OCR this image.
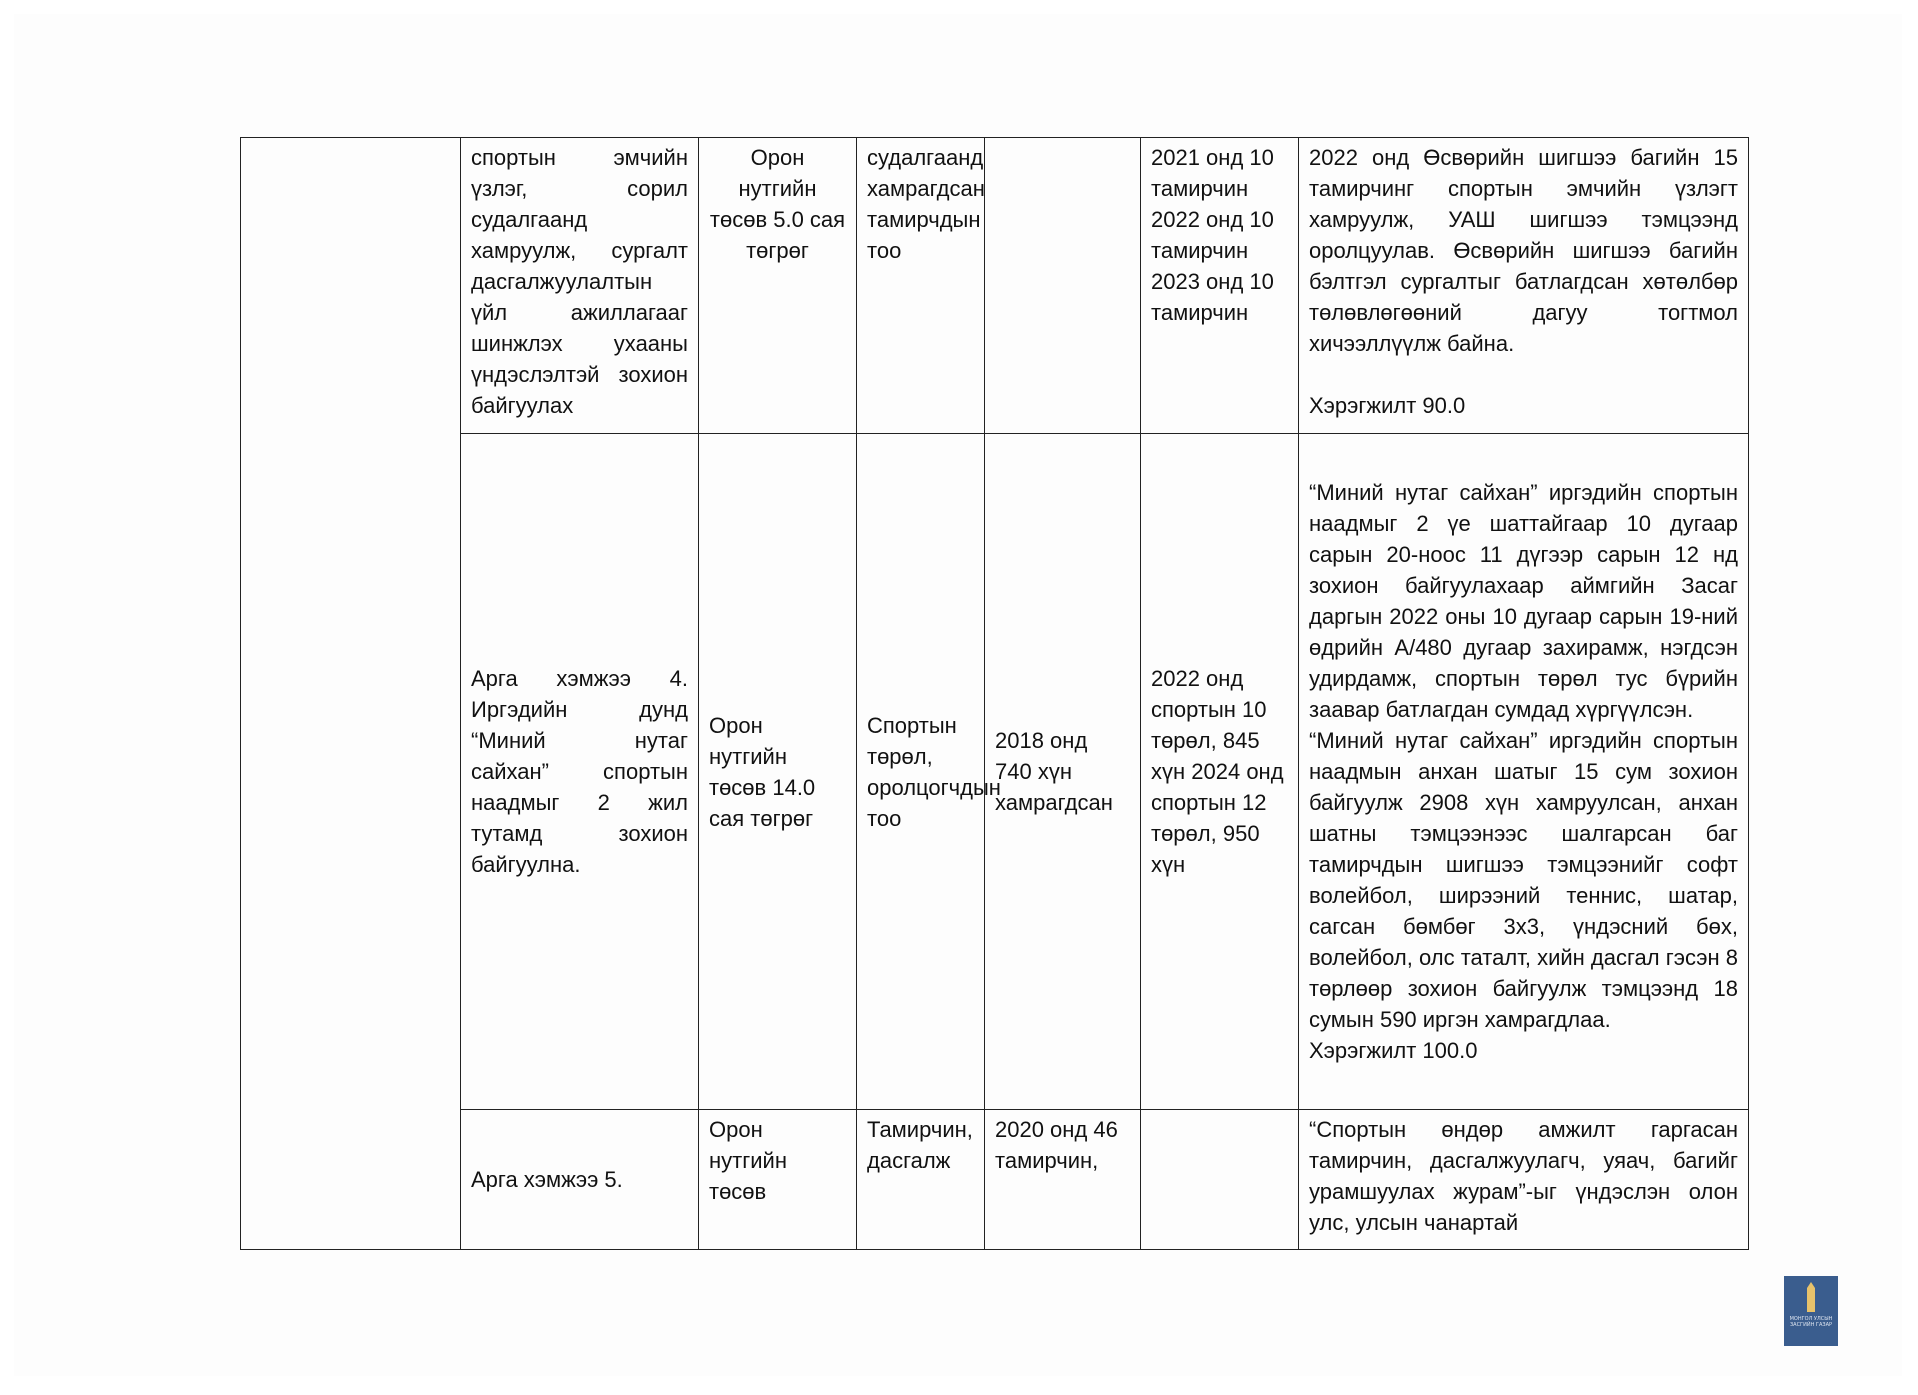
	спортын эмчийн үзлэг, сорил судалгаанд хамруулж, сургалт дасгалжуулалтын үйл ажиллагааг шинжлэх ухааны үндэслэлтэй зохион байгуулах	Орон нутгийн төсөв 5.0 сая төгрөг	судалгаанд хамрагдсан тамирчдын тоо		2021 онд 10 тамирчин 2022 онд 10 тамирчин 2023 онд 10 тамирчин	2022 онд Өсвөрийн шигшээ багийн 15 тамирчинг спортын эмчийн үзлэгт хамруулж, УАШ шигшээ тэмцээнд оролцуулав. Өсвөрийн шигшээ багийн бэлтгэл сургалтыг батлагдсан хөтөлбөр төлөвлөгөөний дагуу тогтмол хичээллүүлж байна.
Хэрэгжилт 90.0

	Арга хэмжээ 4. Иргэдийн дунд “Миний нутаг сайхан” спортын наадмыг 2 жил тутамд зохион байгуулна.	Орон нутгийн төсөв 14.0 сая төгрөг	Спортын төрөл, оролцогчдын тоо	2018 онд 740 хүн хамрагдсан	2022 онд спортын 10 төрөл, 845 хүн 2024 онд спортын 12 төрөл, 950 хүн	“Миний нутаг сайхан” иргэдийн спортын наадмыг 2 үе шаттайгаар 10 дугаар сарын 20-ноос 11 дүгээр сарын 12 нд зохион байгуулахаар аймгийн Засаг даргын 2022 оны 10 дугаар сарын 19-ний өдрийн А/480 дугаар захирамж, нэгдсэн удирдамж, спортын төрөл тус бүрийн заавар батлагдан сумдад хүргүүлсэн.
“Миний нутаг сайхан” иргэдийн спортын наадмын анхан шатыг 15 сум зохион байгуулж 2908 хүн хамруулсан, анхан шатны тэмцээнээс шалгарсан баг тамирчдын шигшээ тэмцээнийг софт волейбол, ширээний теннис, шатар, сагсан бөмбөг 3х3, үндэсний бөх, волейбол, олс таталт, хийн дасгал гэсэн 8 төрлөөр зохион байгуулж тэмцээнд 18 сумын 590 иргэн хамрагдлаа.
Хэрэгжилт 100.0

	Арга хэмжээ 5.	Орон нутгийн төсөв	Тамирчин, дасгалж	2020 онд 46 тамирчин,		“Спортын өндөр амжилт гаргасан тамирчин, дасгалжуулагч, уяач, багийг урамшуулах журам”-ыг үндэслэн олон улс, улсын чанартай
МОНГОЛ УЛСЫН ЗАСГИЙН ГАЗАР
